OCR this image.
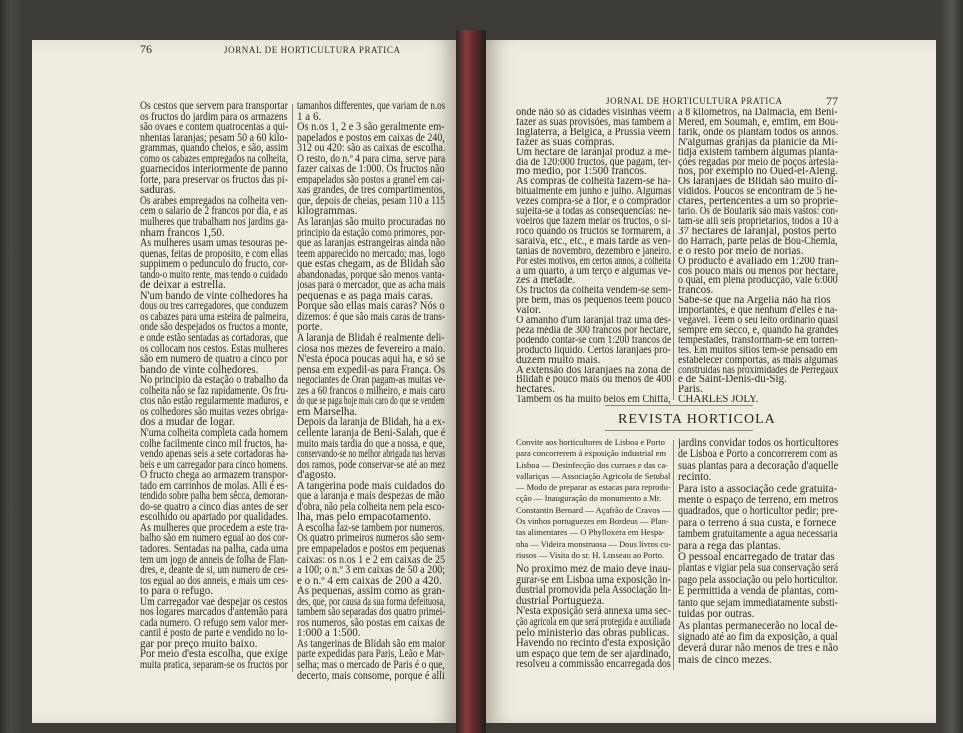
76	JORNAL DE HORTICULTURA PRATICA
Os cestos que servem para transportar
os fructos do jardim para os armazens
são ovaes e contem quatrocentas a qui-
nhentas laranjas; pesam 50 a 60 kilo-
grammas, quando cheios, e são, assim
como os cabazes empregados na colheita,
guarnecidos interiormente de panno
forte, para preservar os fructos das pi-
saduras.
Os arabes empregados na colheita ven-
cem o salario de 2 francos por dia, e as
mulheres que trabalham nos jardins ga-
nham francos 1,50.
As mulheres usam umas tesouras pe-
quenas, feitas de proposito, e com ellas
suppimem o pedunculo do fructo, cor-
tando-o muito rente, mas tendo o cuidado
de deixar a estrella.
N'um bando de vinte colhedores ha
dous ou tres carregadores, que conduzem
os cabazes para uma esteira de palmeira,
onde são despejados os fructos a monte,
e onde estão sentadas as cortadoras, que
os collocam nos cestos. Estas mulheres
são em numero de quatro a cinco por
bando de vinte colhedores.
No principio da estação o trabalho da
colheita não se faz rapidamente. Os fru-
ctos não estão regularmente maduros, e
os colhedores são muitas vezes obriga-
dos a mudar de logar.
N'uma colheita completa cada homem
colhe facilmente cinco mil fructos, ha-
vendo apenas seis a sete cortadoras ha-
beis e um carregador para cinco homens.
O fructo chega ao armazem transpor-
tado em carrinhos de molas. Alli é es-
tendido sobre palha bem sêcca, demoran-
do-se quatro a cinco dias antes de ser
escolhido ou apartado por qualidades.
As mulheres que procedem a este tra-
balho são em numero egual ao dos cor-
tadores. Sentadas na palha, cada uma
tem um jogo de anneis de folha de Flan-
dres, e, deante de si, um numero de ces-
tos egual ao dos anneis, e mais um ces-
to para o refugo.
Um carregador vae despejar os cestos
nos logares marcados d'antemão para
cada numero. O refugo sem valor mer-
cantil é posto de parte e vendido no lo-
gar por preço muito baixo.
Por meio d'esta escolha, que exige
muita pratica, separam-se os fructos por
tamanhos differentes, que variam de n.os
1 a 6.
Os n.os 1, 2 e 3 são geralmente em-
papelados e postos em caixas de 240,
312 ou 420: são as caixas de escolha.
O resto, do n.º 4 para cima, serve para
fazer caixas de 1:000. Os fructos não
empapelados são postos a granel em cai-
xas grandes, de tres compartimentos,
que, depois de cheias, pesam 110 a 115
kilogrammas.
As laranjas são muito procuradas no
principio da estação como primores, por-
que as laranjas estrangeiras ainda não
teem apparecido no mercado; mas, logo
que estas chegam, as de Blidah são
abandonadas, porque são menos vanta-
josas para o mercador, que as acha mais
pequenas e as paga mais caras.
Porque são ellas mais caras? Nós o
dizemos: é que são mais caras de trans-
porte.
A laranja de Blidah é realmente deli-
ciosa nos mezes de fevereiro a maio.
N'esta época poucas aqui ha, e só se
pensa em expedil-as para França. Os
negociantes de Oran pagam-as muitas ve-
zes a 60 francos o milheiro, e mais caro
do que se paga hoje mais caro do que se vendem
em Marselha.
Depois da laranja de Blidah, ha a ex-
cellente laranja de Beni-Salah, que é
muito mais tardia do que a nossa, e que,
conservando-se no melhor abrigada nas hervas
dos ramos, pode conservar-se até ao mez
d'agosto.
A tangerina pode mais cuidados do
que a laranja e mais despezas de mão
d'obra, não pela colheita nem pela esco-
lha, mas pelo empacotamento.
A escolha faz-se tambem por numeros.
Os quatro primeiros numeros são sem-
pre empapelados e postos em pequenas
caixas: os n.os 1 e 2 em caixas de 25
a 100; o n.º 3 em caixas de 50 a 200;
e o n.º 4 em caixas de 200 a 420.
As pequenas, assim como as gran-
des, que, por causa da sua forma defeituosa,
tambem são separadas dos quatro primei-
ros numeros, são postas em caixas de
1:000 a 1:500.
As tangerinas de Blidah são em maior
parte expedidas para Paris, Leão e Mar-
selha; mas o mercado de Paris é o que,
decerto, mais consome, porque é alli
JORNAL DE HORTICULTURA PRATICA	77
onde não só as cidades visinhas vêem
fazer as suas provisões, mas tambem a
Inglaterra, a Belgica, a Prussia vêem
fazer as suas compras.
Um hectare de laranjal produz a mé-
dia de 120:000 fructos, que pagam, ter-
mo medio, por 1:500 francos.
As compras de colheita fazem-se ha-
bitualmente em junho e julho. Algumas
vezes compra-se á flor, e o comprador
sujeita-se a todas as consequencias: ne-
voeiros que fazem melar os fructos, o si-
roco quando os fructos se formarem, a
saraiva, etc., etc., e mais tarde as ven-
tanias de novembro, dezembro e janeiro.
Por estes motivos, em certos annos, a colheita
a um quarto, a um terço e algumas ve-
zes a metade.
Os fructos da colheita vendem-se sem-
pre bem, mas os pequenos teem pouco
valor.
O amanho d'um laranjal traz uma des-
peza média de 300 francos por hectare,
podendo contar-se com 1:200 francos de
producto liquido. Certos laranjaes pro-
duzem muito mais.
A extensão dos laranjaes na zona de
Blidah é pouco mais ou menos de 400
hectares.
Tambem os ha muito belos em Chiffa,
a 8 kilometros, na Dalmacia, em Beni-
Mered, em Soumah, e, emfim, em Bou-
farik, onde os plantam todos os annos.
N'algumas granjas da planicie da Mi-
tidja existem tambem algumas planta-
ções regadas por meio de poços artesia-
nos, por exemplo no Oued-el-Aleng.
Os laranjaes de Blidah são muito di-
vididos. Poucos se encontram de 5 he-
ctares, pertencentes a um só proprie-
tario. Os de Boufarik são mais vastos: con-
tam-se alli seis proprietarios, todos a 10 a
37 hectares de laranjal, postos perto
do Harrach, parte pelas de Bou-Chemla,
e o resto por meio de norias.
O producto é avaliado em 1:200 fran-
cos pouco mais ou menos por hectare,
o qual, em plena producção, vale 6:000
francos.
Sabe-se que na Argelia não ha rios
importantes, e que nenhum d'elles é na-
vegavel. Têem o seu leito ordinario quasi
sempre em sêcco, e, quando ha grandes
tempestades, transformam-se em torren-
tes. Em muitos sitios tem-se pensado em
estabelecer comportas, as mais algumas
construidas nas proximidades de Perregaux
e de Saint-Denis-du-Sig.
Paris.
CHARLES JOLY.
REVISTA HORTICOLA
Convite aos horticultores de Lisboa e Porto
para concorrerem á exposição industrial em
Lisboa — Desinfecção dos curraes e das ca-
vallariças — Associação Agricola de Setubal
— Modo de preparar as estacas para reprodu-
cção — Inauguração do monumento a Mr.
Constantin Bernard — Açafrão de Cravos —
Os vinhos portuguezes em Bordeus — Plan-
tas alimentares — O Phylloxera em Hespa-
nha — Videira monstruosa — Dous livros cu-
riosos — Visita do sr. H. Lusseau ao Porto.
No proximo mez de maio deve inau-
gurar-se em Lisboa uma exposição in-
dustrial promovida pela Associação In-
dustrial Portugueza.
N'esta exposição será annexa uma sec-
ção agricola em que será protegida e auxiliada
pelo ministerio das obras publicas.
Havendo no recinto d'esta exposição
um espaço que tem de ser ajardinado,
resolveu a commissão encarregada dos
jardins convidar todos os horticultores
de Lisboa e Porto a concorrerem com as
suas plantas para a decoração d'aquelle
recinto.
Para isto a associação cede gratuita-
mente o espaço de terreno, em metros
quadrados, que o horticultor pedir; pre-
para o terreno á sua custa, e fornece
tambem gratuitamente a agua necessaria
para a rega das plantas.
O pessoal encarregado de tratar das
plantas e vigiar pela sua conservação será
pago pela associação ou pelo horticultor.
É permittida a venda de plantas, com-
tanto que sejam immediatamente substi-
tuidas por outras.
As plantas permanecerão no local de-
signado até ao fim da exposição, a qual
deverá durar não menos de tres e não
mais de cinco mezes.
